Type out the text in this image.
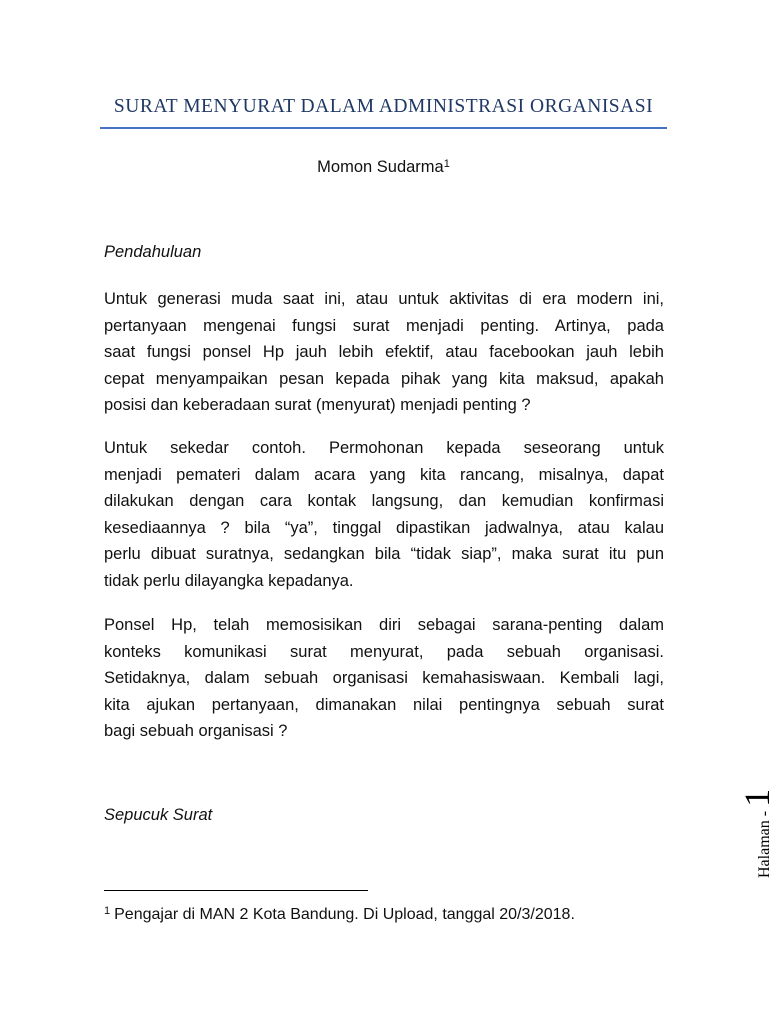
SURAT MENYURAT DALAM ADMINISTRASI ORGANISASI
Momon Sudarma$^1$
Pendahuluan
Untuk generasi muda saat ini, atau untuk aktivitas di era modern ini,
pertanyaan mengenai fungsi surat menjadi penting. Artinya, pada
saat fungsi ponsel Hp jauh lebih efektif, atau facebookan jauh lebih
cepat menyampaikan pesan kepada pihak yang kita maksud, apakah
posisi dan keberadaan surat (menyurat) menjadi penting ?
Untuk sekedar contoh. Permohonan kepada seseorang untuk
menjadi pemateri dalam acara yang kita rancang, misalnya, dapat
dilakukan dengan cara kontak langsung, dan kemudian konfirmasi
kesediaannya ? bila “ya”, tinggal dipastikan jadwalnya, atau kalau
perlu dibuat suratnya, sedangkan bila “tidak siap”, maka surat itu pun
tidak perlu dilayangka kepadanya.
Ponsel Hp, telah memosisikan diri sebagai sarana-penting dalam
konteks komunikasi surat menyurat, pada sebuah organisasi.
Setidaknya, dalam sebuah organisasi kemahasiswaan. Kembali lagi,
kita ajukan pertanyaan, dimanakan nilai pentingnya sebuah surat
bagi sebuah organisasi ?
Sepucuk Surat
$^1$ Pengajar di MAN 2 Kota Bandung. Di Upload, tanggal 20/3/2018.
Halaman - 1
